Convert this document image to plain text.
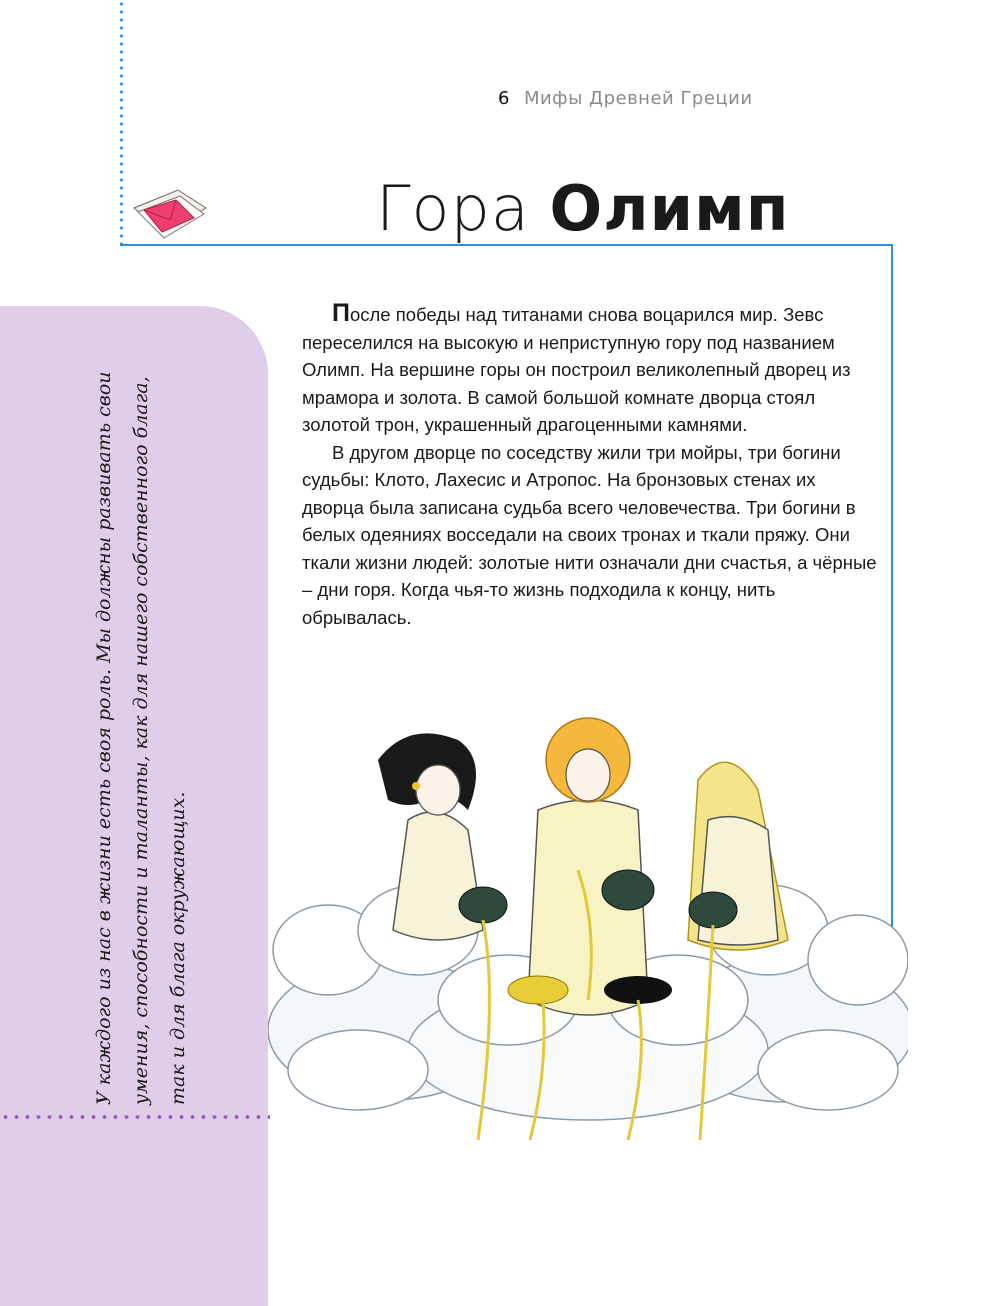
6 Мифы Древней Греции
Гора Олимп

После победы над титанами снова воцарился мир. Зевс переселился на высокую и неприступную гору под названием Олимп. На вершине горы он построил великолепный дворец из мрамора и золота. В самой большой комнате дворца стоял золотой трон, украшенный драгоценными камнями.

В другом дворце по соседству жили три мойры, три богини судьбы: Клото, Лахесис и Атропос. На бронзовых стенах их дворца была записана судьба всего человечества. Три богини в белых одеяниях восседали на своих тронах и ткали пряжу. Они ткали жизни людей: золотые нити означали дни счастья, а чёрные – дни горя. Когда чья-то жизнь подходила к концу, нить обрывалась.

У каждого из нас в жизни есть своя роль. Мы должны развивать свои умения, способности и таланты, как для нашего собственного блага, так и для блага окружающих.
